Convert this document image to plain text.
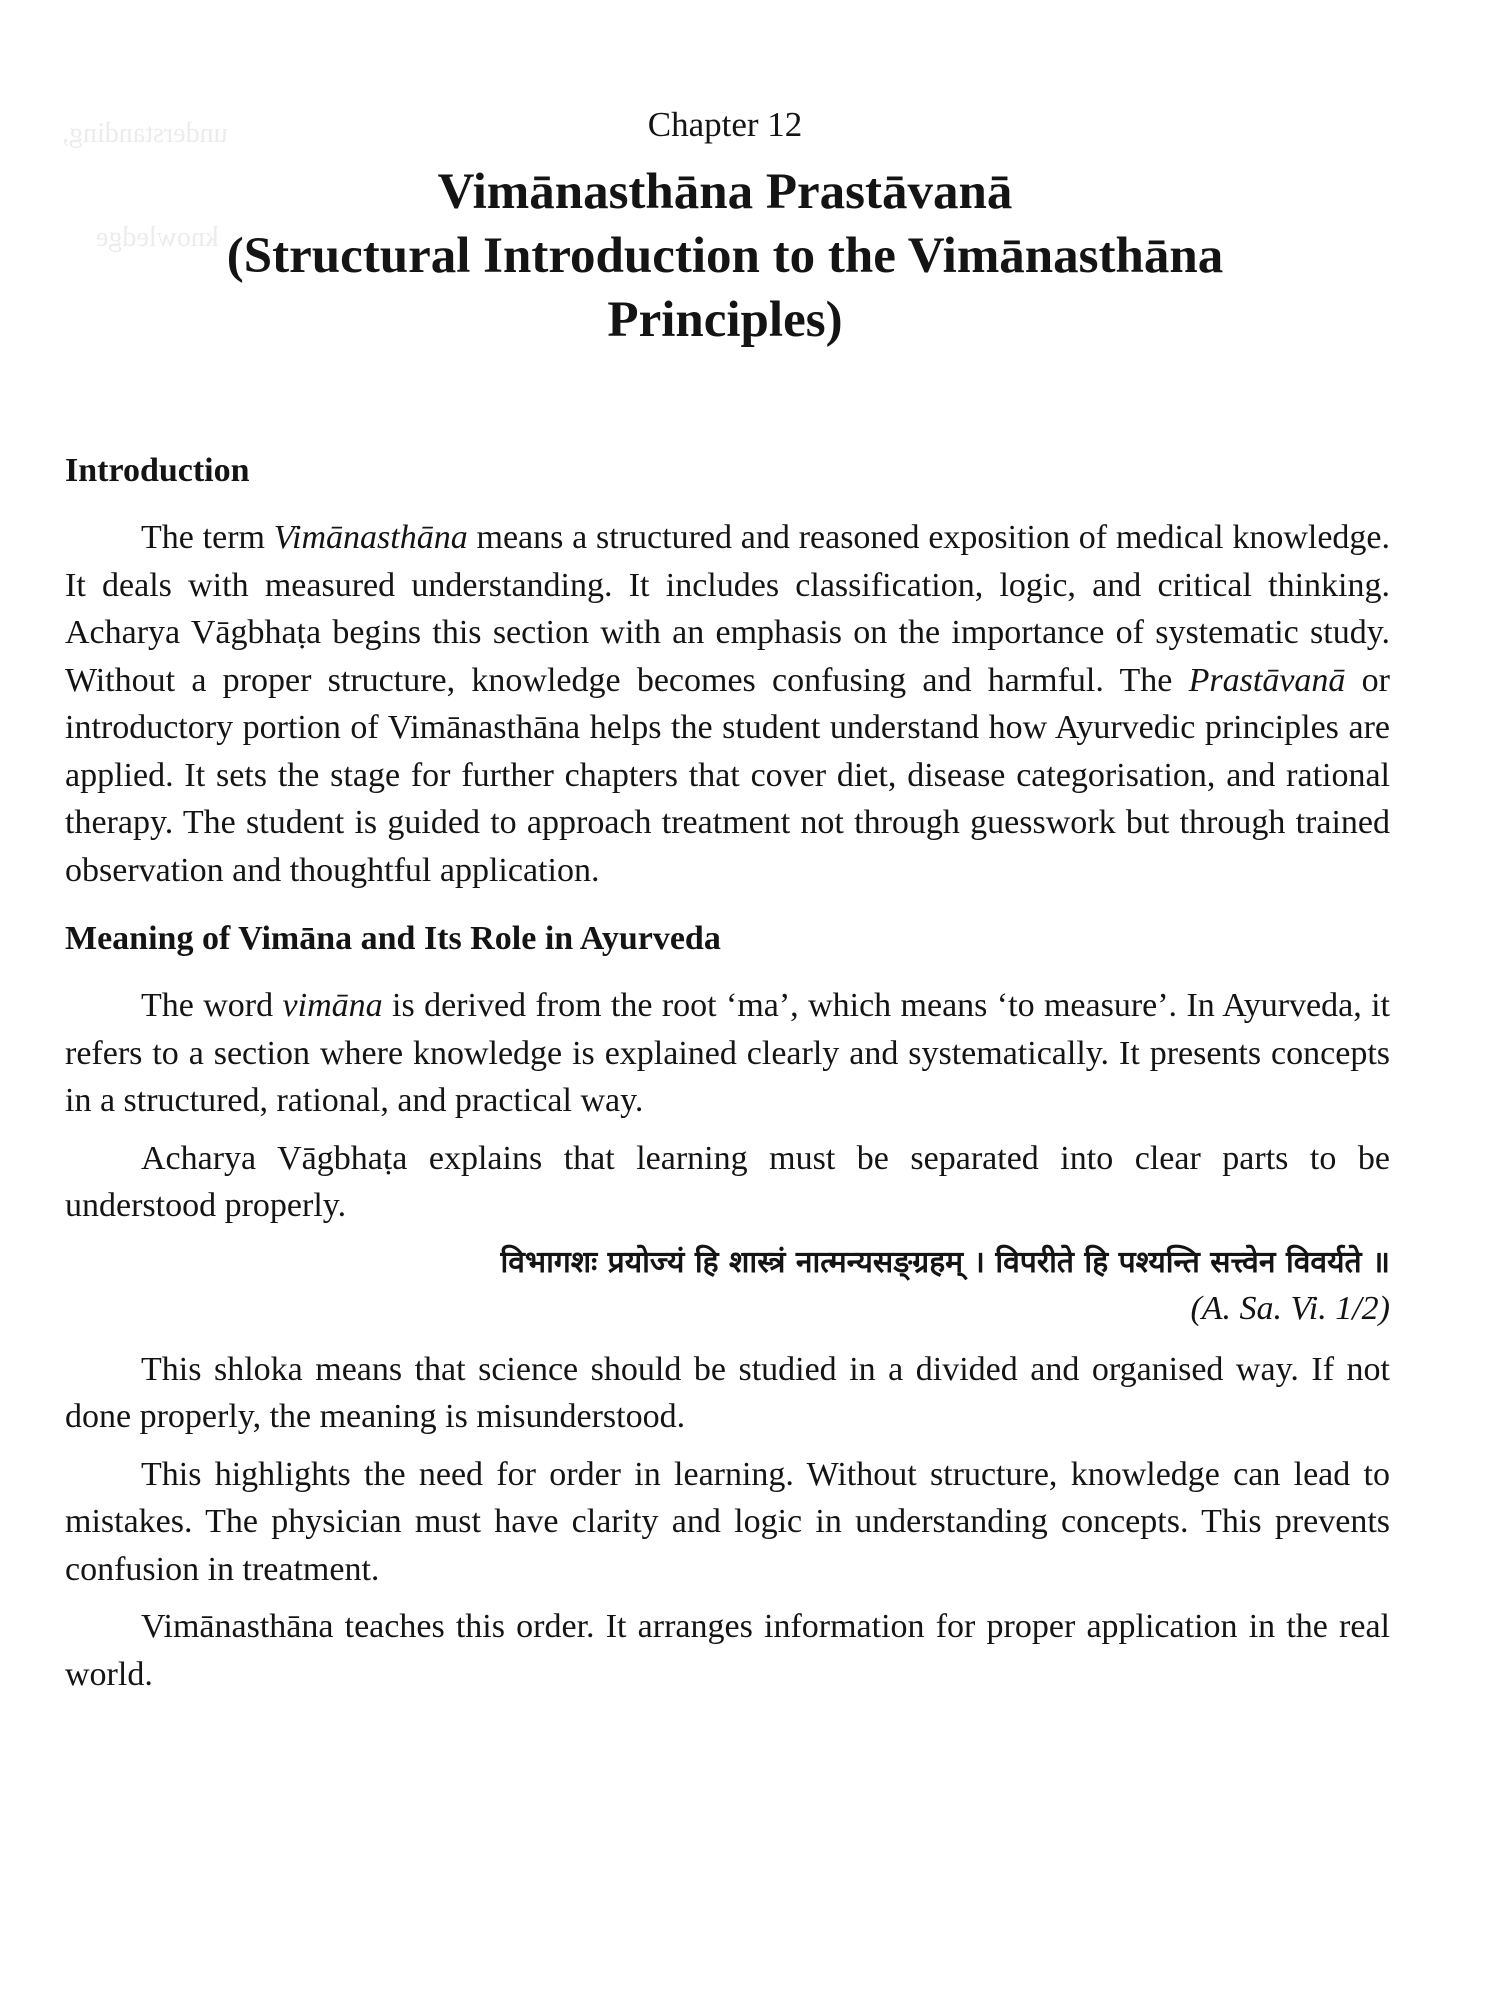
understanding,
knowledge
Chapter 12
Vimānasthāna Prastāvanā
(Structural Introduction to the Vimānasthāna
Principles)
Introduction

The term Vimānasthāna means a structured and reasoned exposition of medical knowledge. It deals with measured understanding. It includes classification, logic, and critical thinking. Acharya Vāgbhaṭa begins this section with an emphasis on the importance of systematic study. Without a proper structure, knowledge becomes confusing and harmful. The Prastāvanā or introductory portion of Vimānasthāna helps the student understand how Ayurvedic principles are applied. It sets the stage for further chapters that cover diet, disease categorisation, and rational therapy. The student is guided to approach treatment not through guesswork but through trained observation and thoughtful application.

Meaning of Vimāna and Its Role in Ayurveda

The word vimāna is derived from the root ‘ma’, which means ‘to measure’. In Ayurveda, it refers to a section where knowledge is explained clearly and systematically. It presents concepts in a structured, rational, and practical way.

Acharya Vāgbhaṭa explains that learning must be separated into clear parts to be understood properly.

विभागशः प्रयोज्यं हि शास्त्रं नात्मन्यसङ्ग्रहम् । विपरीते हि पश्यन्ति सत्त्वेन विवर्यते ॥
(A. Sa. Vi. 1/2)

This shloka means that science should be studied in a divided and organised way. If not done properly, the meaning is misunderstood.

This highlights the need for order in learning. Without structure, knowledge can lead to mistakes. The physician must have clarity and logic in understanding concepts. This prevents confusion in treatment.

Vimānasthāna teaches this order. It arranges information for proper application in the real world.
